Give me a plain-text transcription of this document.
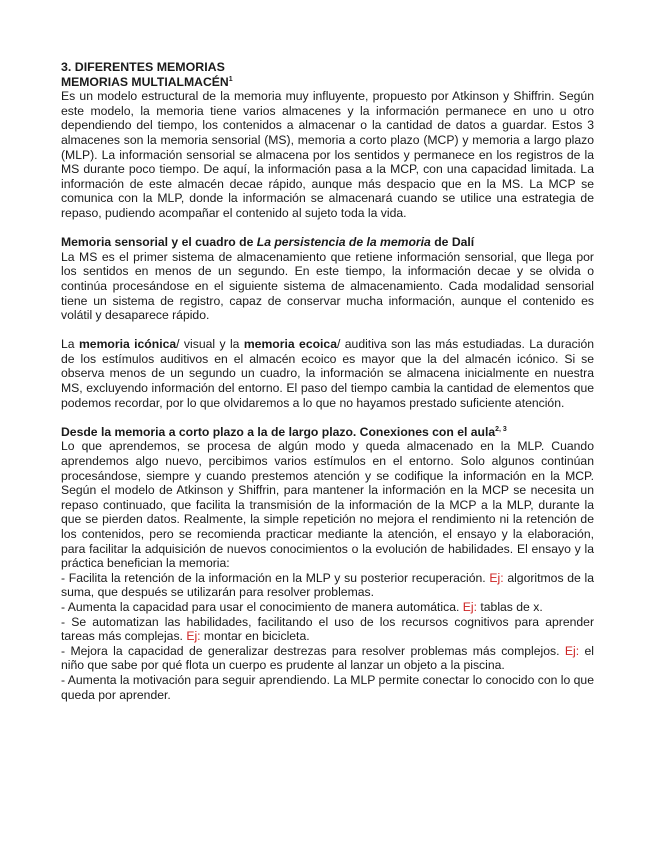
3. DIFERENTES MEMORIAS
MEMORIAS MULTIALMACÉN$^1$

Es un modelo estructural de la memoria muy influyente, propuesto por Atkinson y Shiffrin. Según este modelo, la memoria tiene varios almacenes y la información permanece en uno u otro dependiendo del tiempo, los contenidos a almacenar o la cantidad de datos a guardar. Estos 3 almacenes son la memoria sensorial (MS), memoria a corto plazo (MCP) y memoria a largo plazo (MLP). La información sensorial se almacena por los sentidos y permanece en los registros de la MS durante poco tiempo. De aquí, la información pasa a la MCP, con una capacidad limitada. La información de este almacén decae rápido, aunque más despacio que en la MS. La MCP se comunica con la MLP, donde la información se almacenará cuando se utilice una estrategia de repaso, pudiendo acompañar el contenido al sujeto toda la vida.

Memoria sensorial y el cuadro de La persistencia de la memoria de Dalí

La MS es el primer sistema de almacenamiento que retiene información sensorial, que llega por los sentidos en menos de un segundo. En este tiempo, la información decae y se olvida o continúa procesándose en el siguiente sistema de almacenamiento. Cada modalidad sensorial tiene un sistema de registro, capaz de conservar mucha información, aunque el contenido es volátil y desaparece rápido.

La memoria icónica/ visual y la memoria ecoica/ auditiva son las más estudiadas. La duración de los estímulos auditivos en el almacén ecoico es mayor que la del almacén icónico. Si se observa menos de un segundo un cuadro, la información se almacena inicialmente en nuestra MS, excluyendo información del entorno. El paso del tiempo cambia la cantidad de elementos que podemos recordar, por lo que olvidaremos a lo que no hayamos prestado suficiente atención.

Desde la memoria a corto plazo a la de largo plazo. Conexiones con el aula$^{2, 3}$

Lo que aprendemos, se procesa de algún modo y queda almacenado en la MLP. Cuando aprendemos algo nuevo, percibimos varios estímulos en el entorno. Solo algunos continúan procesándose, siempre y cuando prestemos atención y se codifique la información en la MCP. Según el modelo de Atkinson y Shiffrin, para mantener la información en la MCP se necesita un repaso continuado, que facilita la transmisión de la información de la MCP a la MLP, durante la que se pierden datos. Realmente, la simple repetición no mejora el rendimiento ni la retención de los contenidos, pero se recomienda practicar mediante la atención, el ensayo y la elaboración, para facilitar la adquisición de nuevos conocimientos o la evolución de habilidades. El ensayo y la práctica benefician la memoria:

- Facilita la retención de la información en la MLP y su posterior recuperación. Ej: algoritmos de la suma, que después se utilizarán para resolver problemas.

- Aumenta la capacidad para usar el conocimiento de manera automática. Ej: tablas de x.

- Se automatizan las habilidades, facilitando el uso de los recursos cognitivos para aprender tareas más complejas. Ej: montar en bicicleta.

- Mejora la capacidad de generalizar destrezas para resolver problemas más complejos. Ej: el niño que sabe por qué flota un cuerpo es prudente al lanzar un objeto a la piscina.

- Aumenta la motivación para seguir aprendiendo. La MLP permite conectar lo conocido con lo que queda por aprender.
